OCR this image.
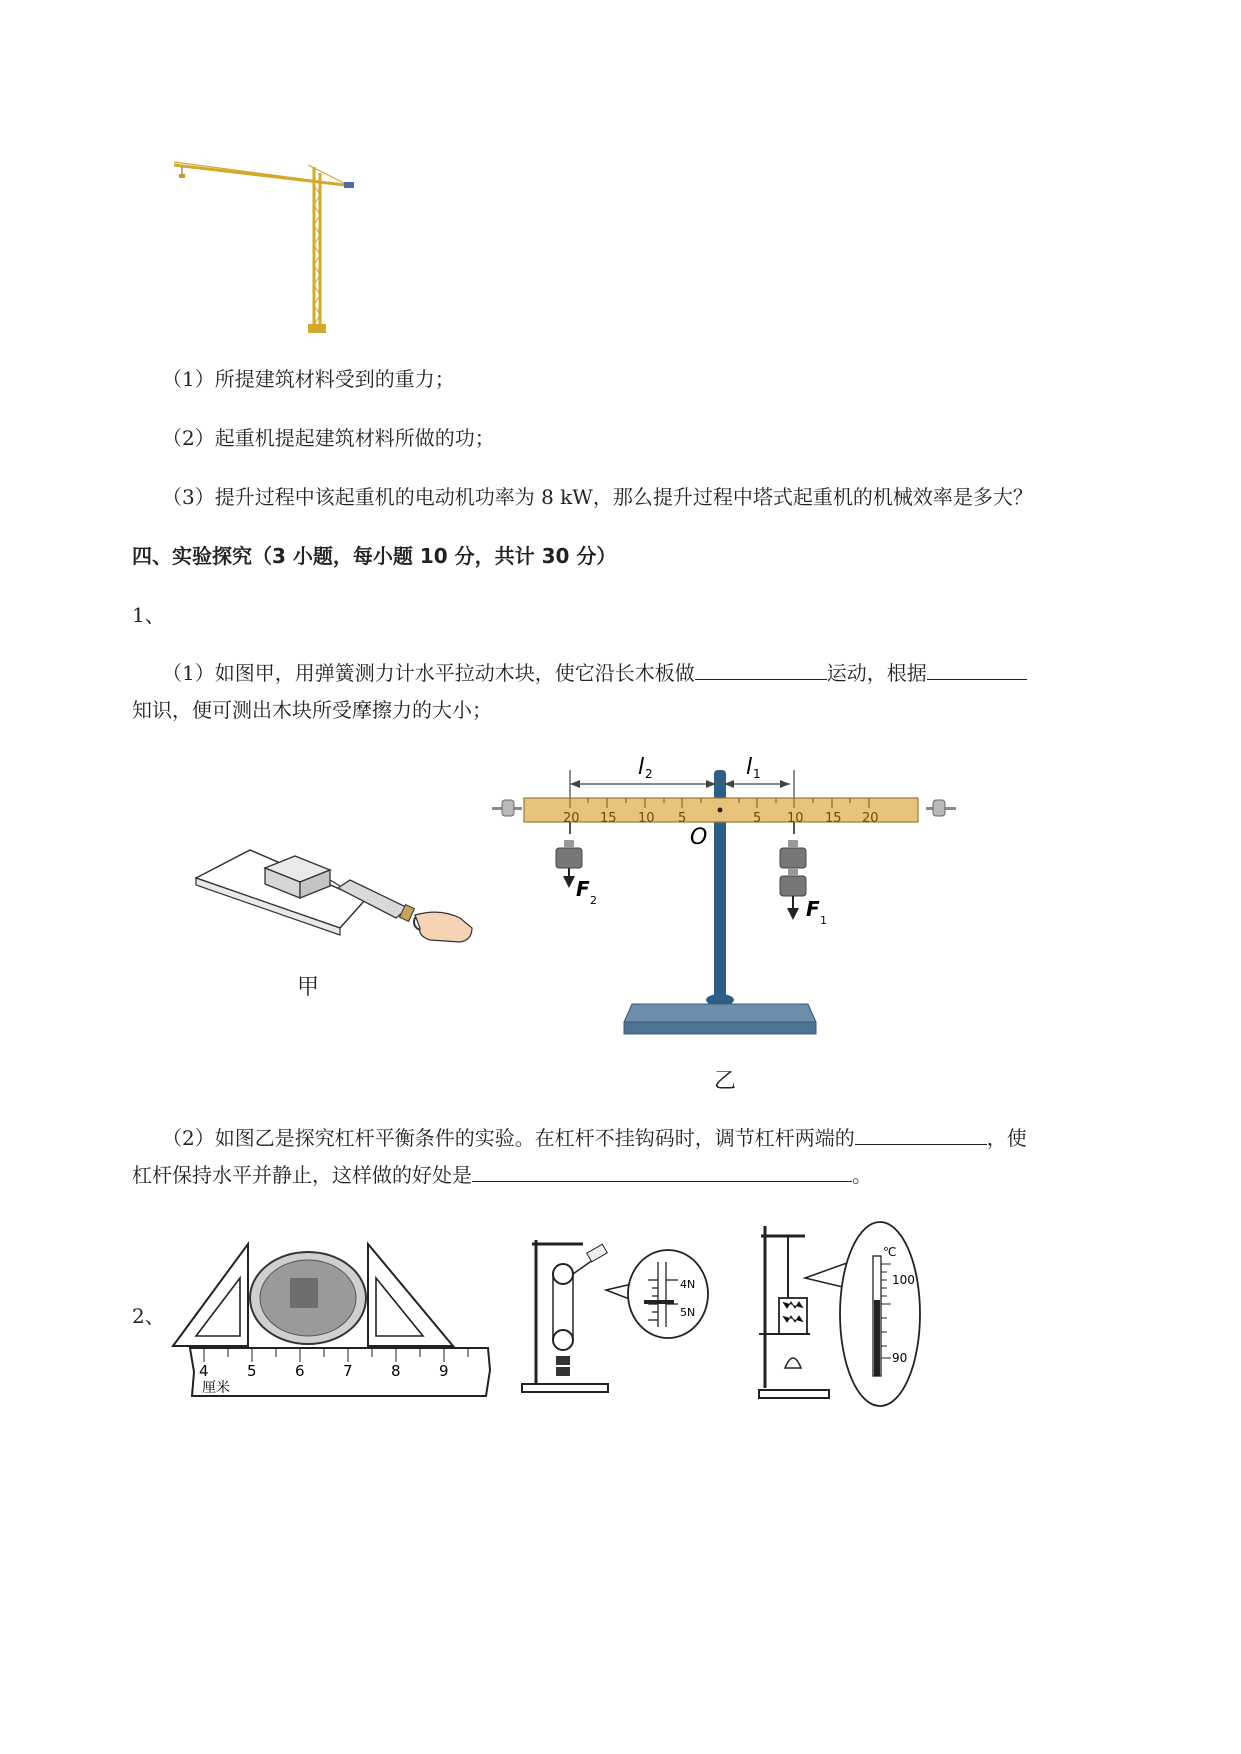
（1）所提建筑材料受到的重力；
（2）起重机提起建筑材料所做的功；
（3）提升过程中该起重机的电动机功率为 8 kW，那么提升过程中塔式起重机的机械效率是多大？
四、实验探究（3 小题，每小题 10 分，共计 30 分）
1、
（1）如图甲，用弹簧测力计水平拉动木块，使它沿长木板做	运动，根据
知识，便可测出木块所受摩擦力的大小；
甲
l 2	l 1
20 15 10 5	5 10 15 20
O
F 2	F 1
乙
（2）如图乙是探究杠杆平衡条件的实验。在杠杆不挂钩码时，调节杠杆两端的	，使
杠杆保持水平并静止，这样做的好处是	。
2、
4	5	6	7	8	9
厘米
4N
5N
℃
100
90
